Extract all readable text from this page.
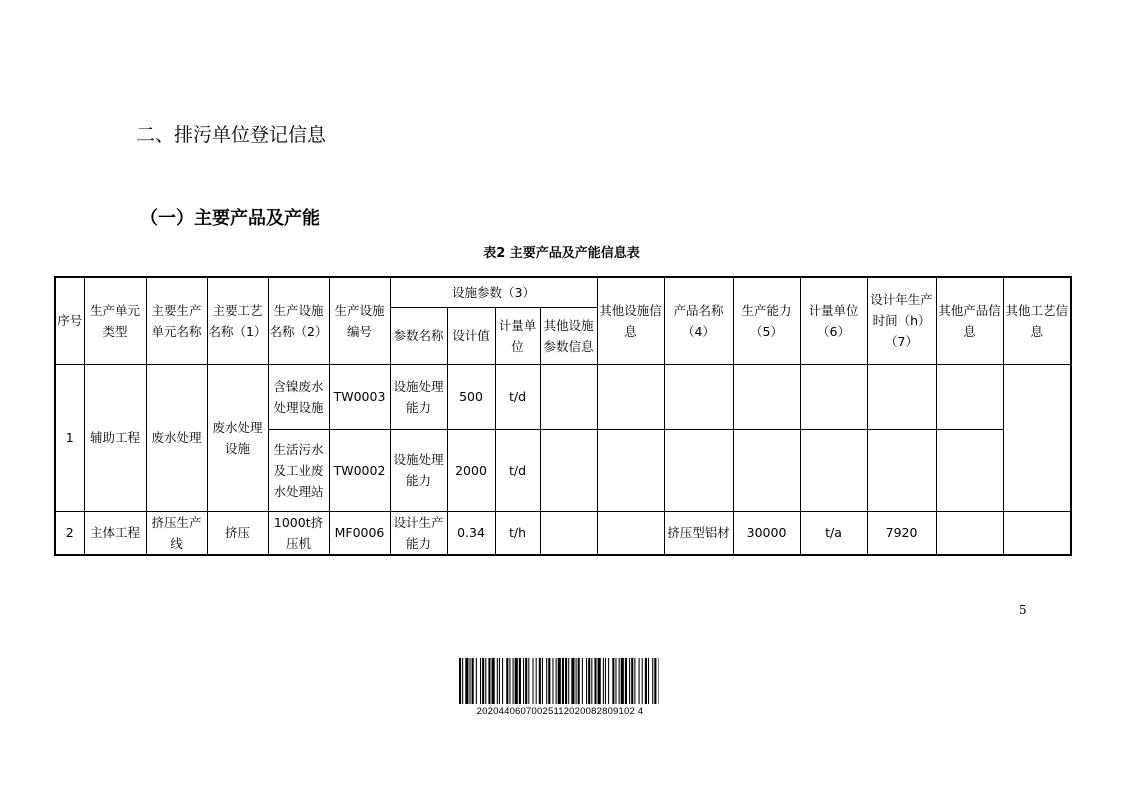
二、排污单位登记信息
（一）主要产品及产能
表2 主要产品及产能信息表
序号	生产单元类型	主要生产单元名称	主要工艺名称（1）	生产设施名称（2）	生产设施编号	设施参数（3）				其他设施信息	产品名称（4）	生产能力（5）	计量单位（6）	设计年生产时间（h）（7）	其他产品信息	其他工艺信息
						参数名称	设计值	计量单位	其他设施参数信息							
1	辅助工程	废水处理	废水处理设施	含镍废水处理设施	TW0003	设施处理能力	500	t/d								
				生活污水及工业废水处理站	TW0002	设施处理能力	2000	t/d								
2	主体工程	挤压生产线	挤压	1000t挤压机	MF0006	设计生产能力	0.34	t/h			挤压型铝材	30000	t/a	7920		
5
20204406070025112020082809102 4
